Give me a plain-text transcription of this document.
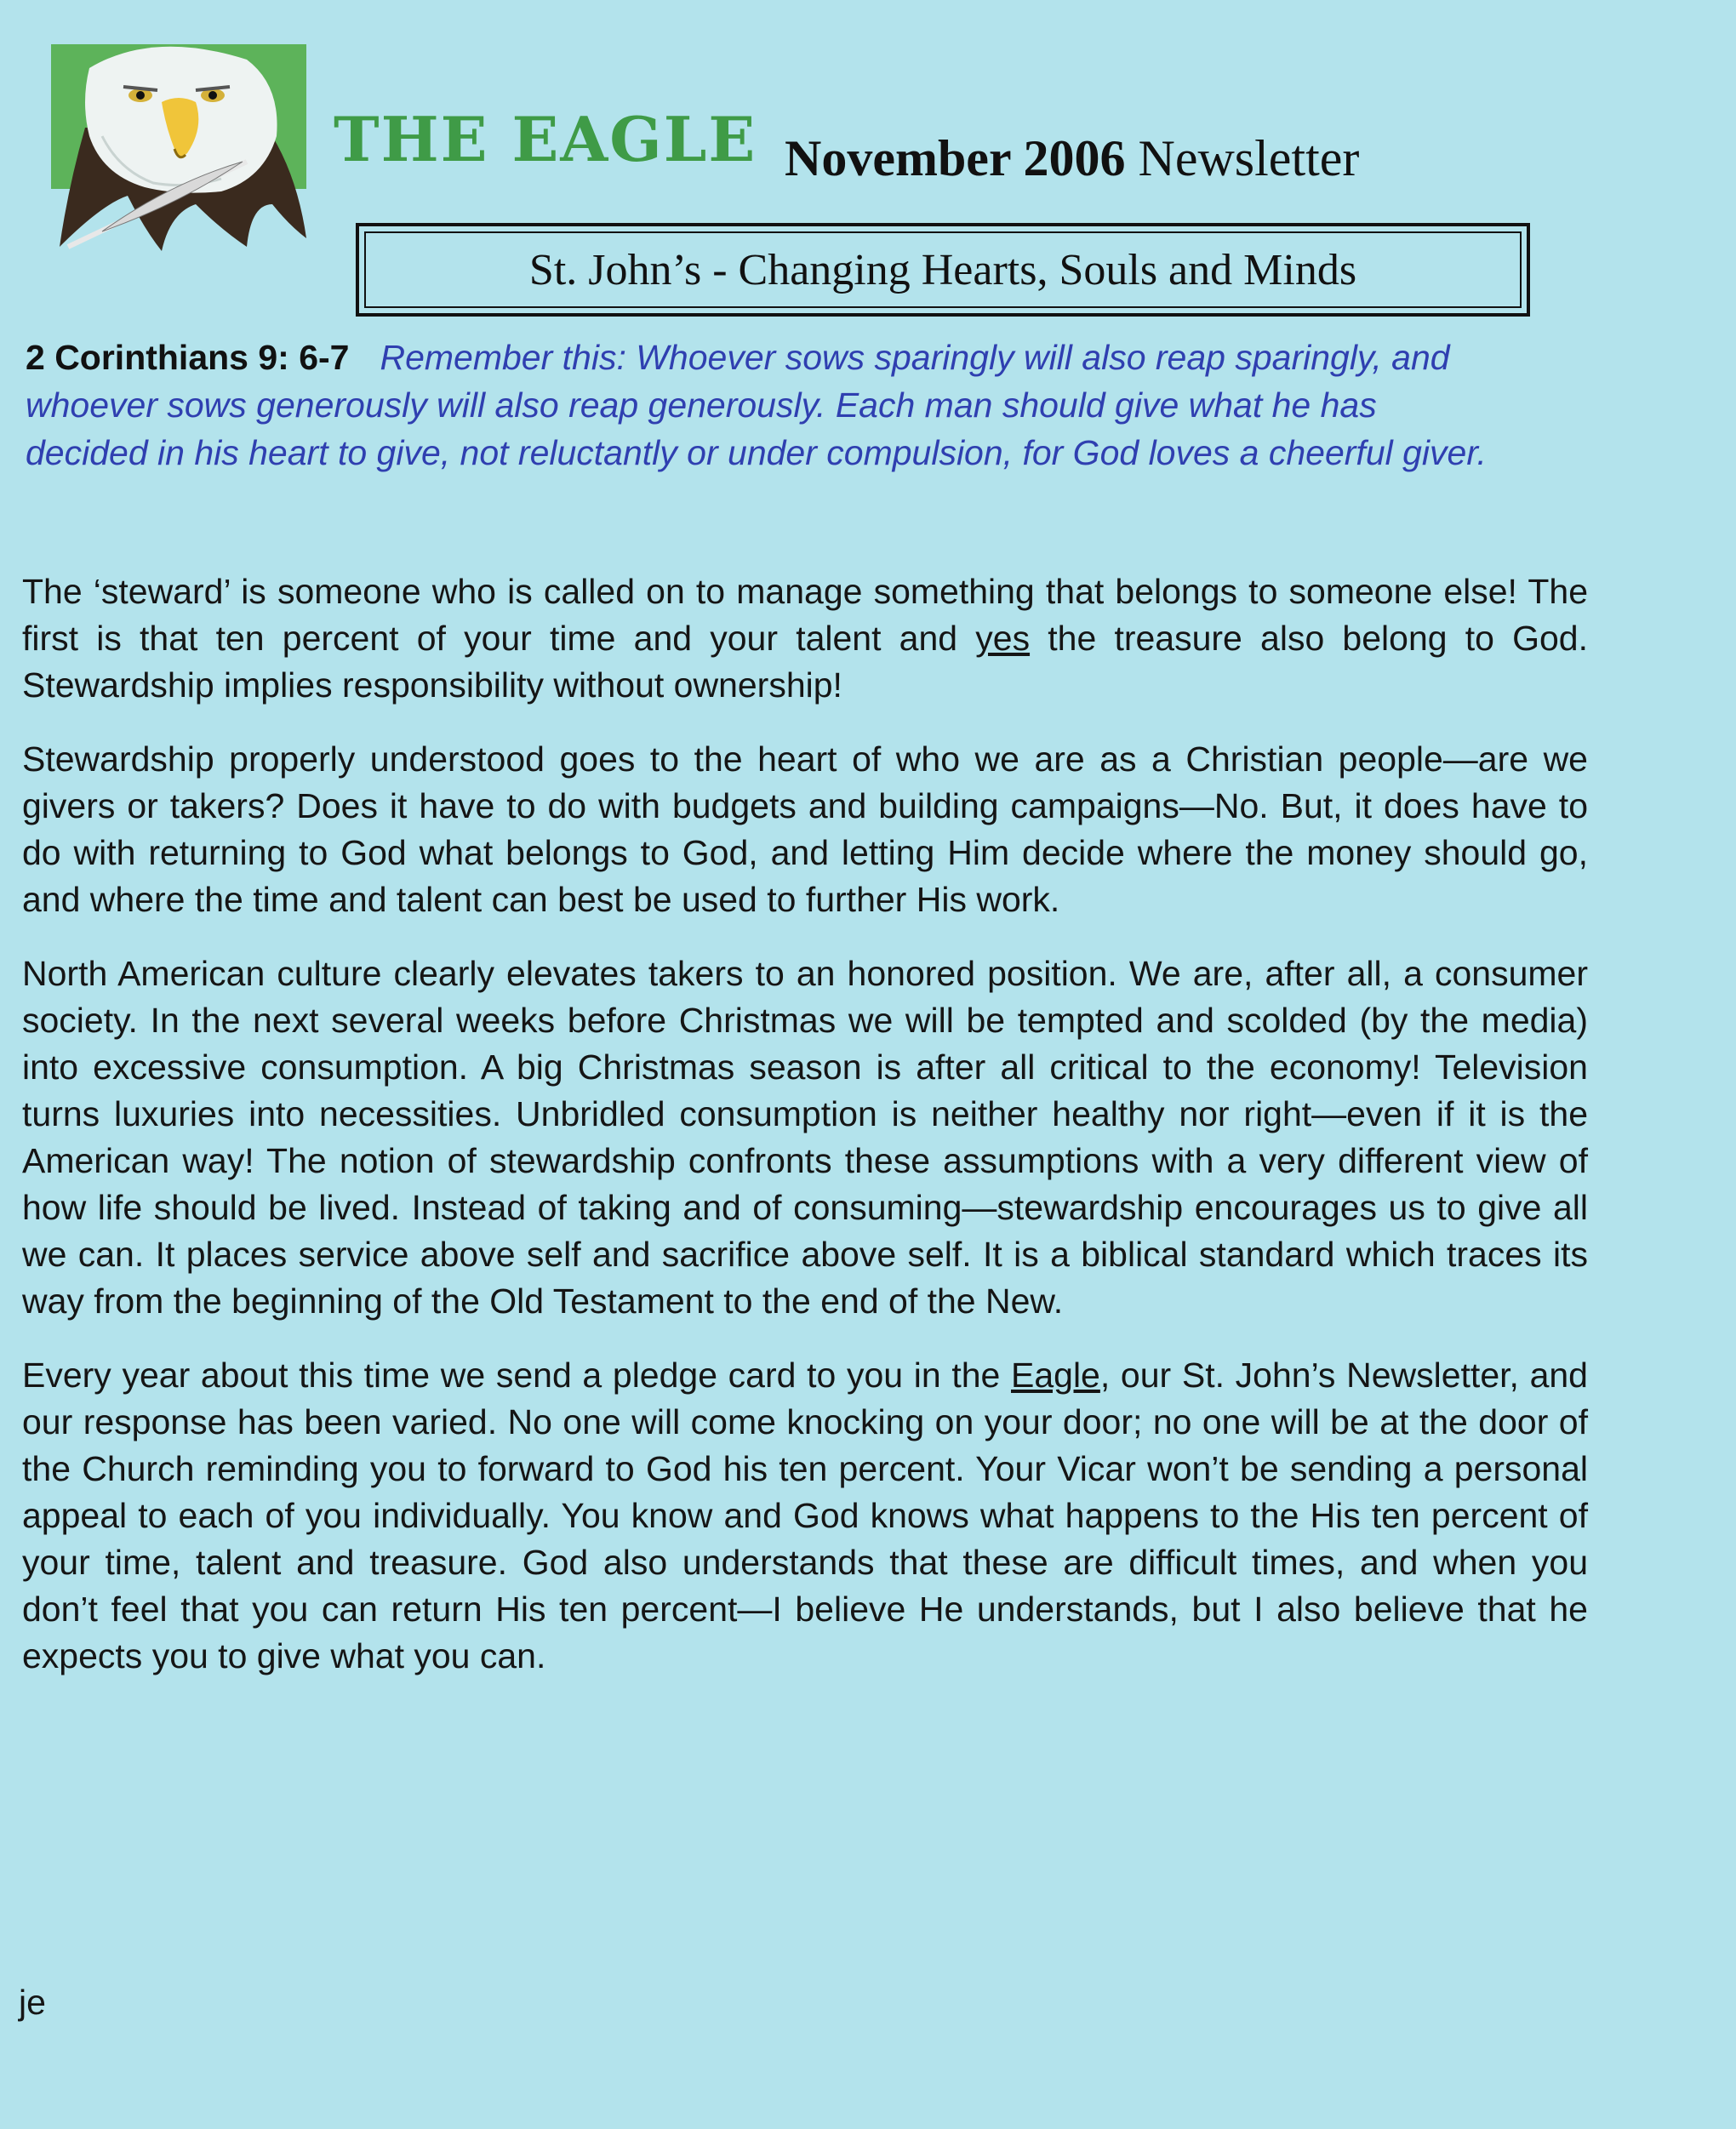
THE EAGLE November 2006 Newsletter
St. John’s - Changing Hearts, Souls and Minds
2 Corinthians 9: 6-7 Remember this: Whoever sows sparingly will also reap sparingly, and whoever sows generously will also reap generously. Each man should give what he has decided in his heart to give, not reluctantly or under compulsion, for God loves a cheerful giver.

The ‘steward’ is someone who is called on to manage something that belongs to someone else! The first is that ten percent of your time and your talent and yes the treasure also belong to God. Stewardship implies responsibility without ownership!

Stewardship properly understood goes to the heart of who we are as a Christian people—are we givers or takers? Does it have to do with budgets and building campaigns—No. But, it does have to do with returning to God what belongs to God, and letting Him decide where the money should go, and where the time and talent can best be used to further His work.

North American culture clearly elevates takers to an honored position. We are, after all, a consumer society. In the next several weeks before Christmas we will be tempted and scolded (by the media) into excessive consumption. A big Christmas season is after all critical to the economy! Television turns luxuries into necessities. Unbridled consumption is neither healthy nor right—even if it is the American way! The notion of stewardship confronts these assumptions with a very different view of how life should be lived. Instead of taking and of consuming—stewardship encourages us to give all we can. It places service above self and sacrifice above self. It is a biblical standard which traces its way from the beginning of the Old Testament to the end of the New.

Every year about this time we send a pledge card to you in the Eagle, our St. John’s Newsletter, and our response has been varied. No one will come knocking on your door; no one will be at the door of the Church reminding you to forward to God his ten percent. Your Vicar won’t be sending a personal appeal to each of you individually. You know and God knows what happens to the His ten percent of your time, talent and treasure. God also understands that these are difficult times, and when you don’t feel that you can return His ten percent—I believe He understands, but I also believe that he expects you to give what you can.

je
